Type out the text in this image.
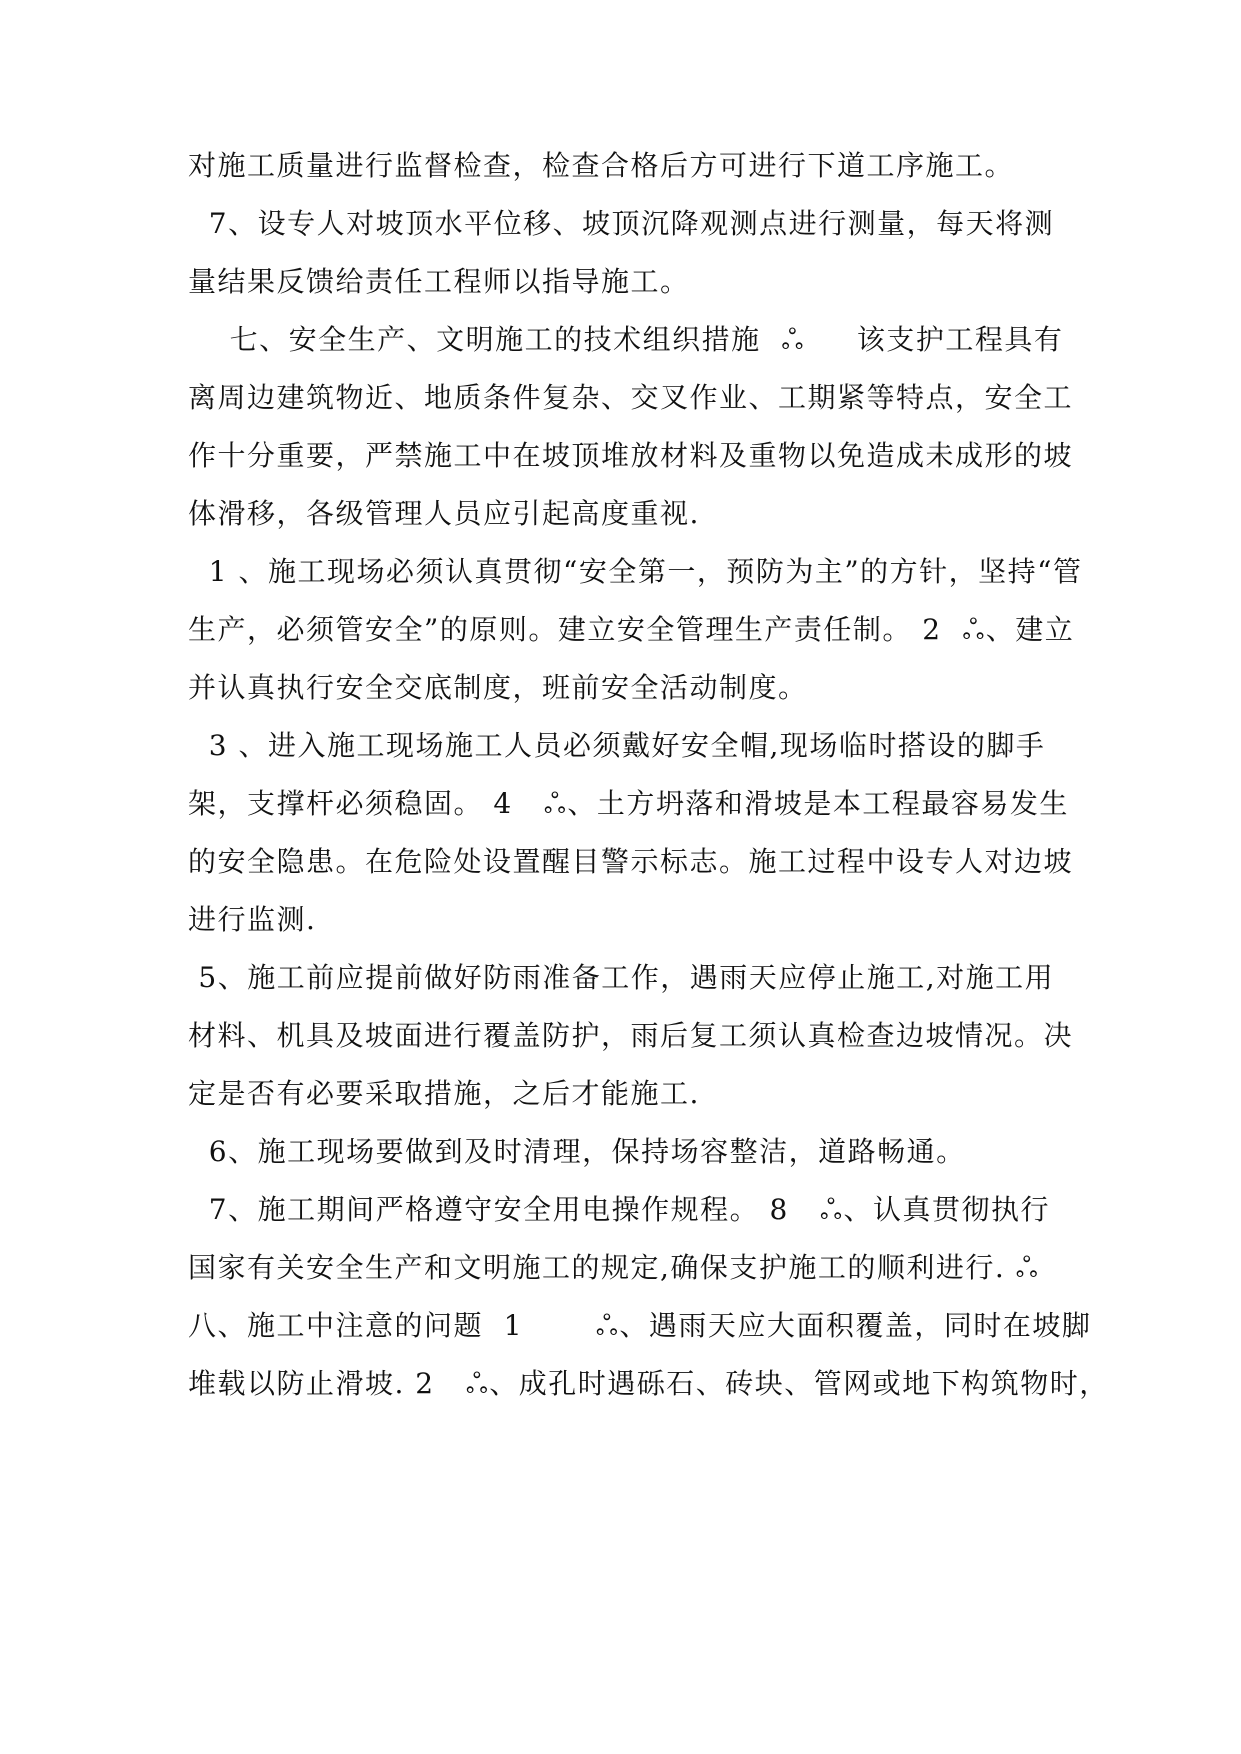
对施工质量进行监督检查，检查合格后方可进行下道工序施工。
7、设专人对坡顶水平位移、坡顶沉降观测点进行测量，每天将测
量结果反馈给责任工程师以指导施工。
七、安全生产、文明施工的技术组织措施  ஃ     该支护工程具有
离周边建筑物近、地质条件复杂、交叉作业、工期紧等特点，安全工
作十分重要，严禁施工中在坡顶堆放材料及重物以免造成未成形的坡
体滑移，各级管理人员应引起高度重视.
1 、施工现场必须认真贯彻“安全第一，预防为主”的方针，坚持“管
生产，必须管安全”的原则。建立安全管理生产责任制。 2  ஃ、建立
并认真执行安全交底制度，班前安全活动制度。
3 、进入施工现场施工人员必须戴好安全帽,现场临时搭设的脚手
架，支撑杆必须稳固。 4   ஃ、土方坍落和滑坡是本工程最容易发生
的安全隐患。在危险处设置醒目警示标志。施工过程中设专人对边坡
进行监测.
5、施工前应提前做好防雨准备工作，遇雨天应停止施工,对施工用
材料、机具及坡面进行覆盖防护，雨后复工须认真检查边坡情况。决
定是否有必要采取措施，之后才能施工.
6、施工现场要做到及时清理，保持场容整洁，道路畅通。
7、施工期间严格遵守安全用电操作规程。 8   ஃ、认真贯彻执行
国家有关安全生产和文明施工的规定,确保支护施工的顺利进行. ஃ
八、施工中注意的问题  1       ஃ、遇雨天应大面积覆盖，同时在坡脚
堆载以防止滑坡. 2   ஃ、成孔时遇砾石、砖块、管网或地下构筑物时，
